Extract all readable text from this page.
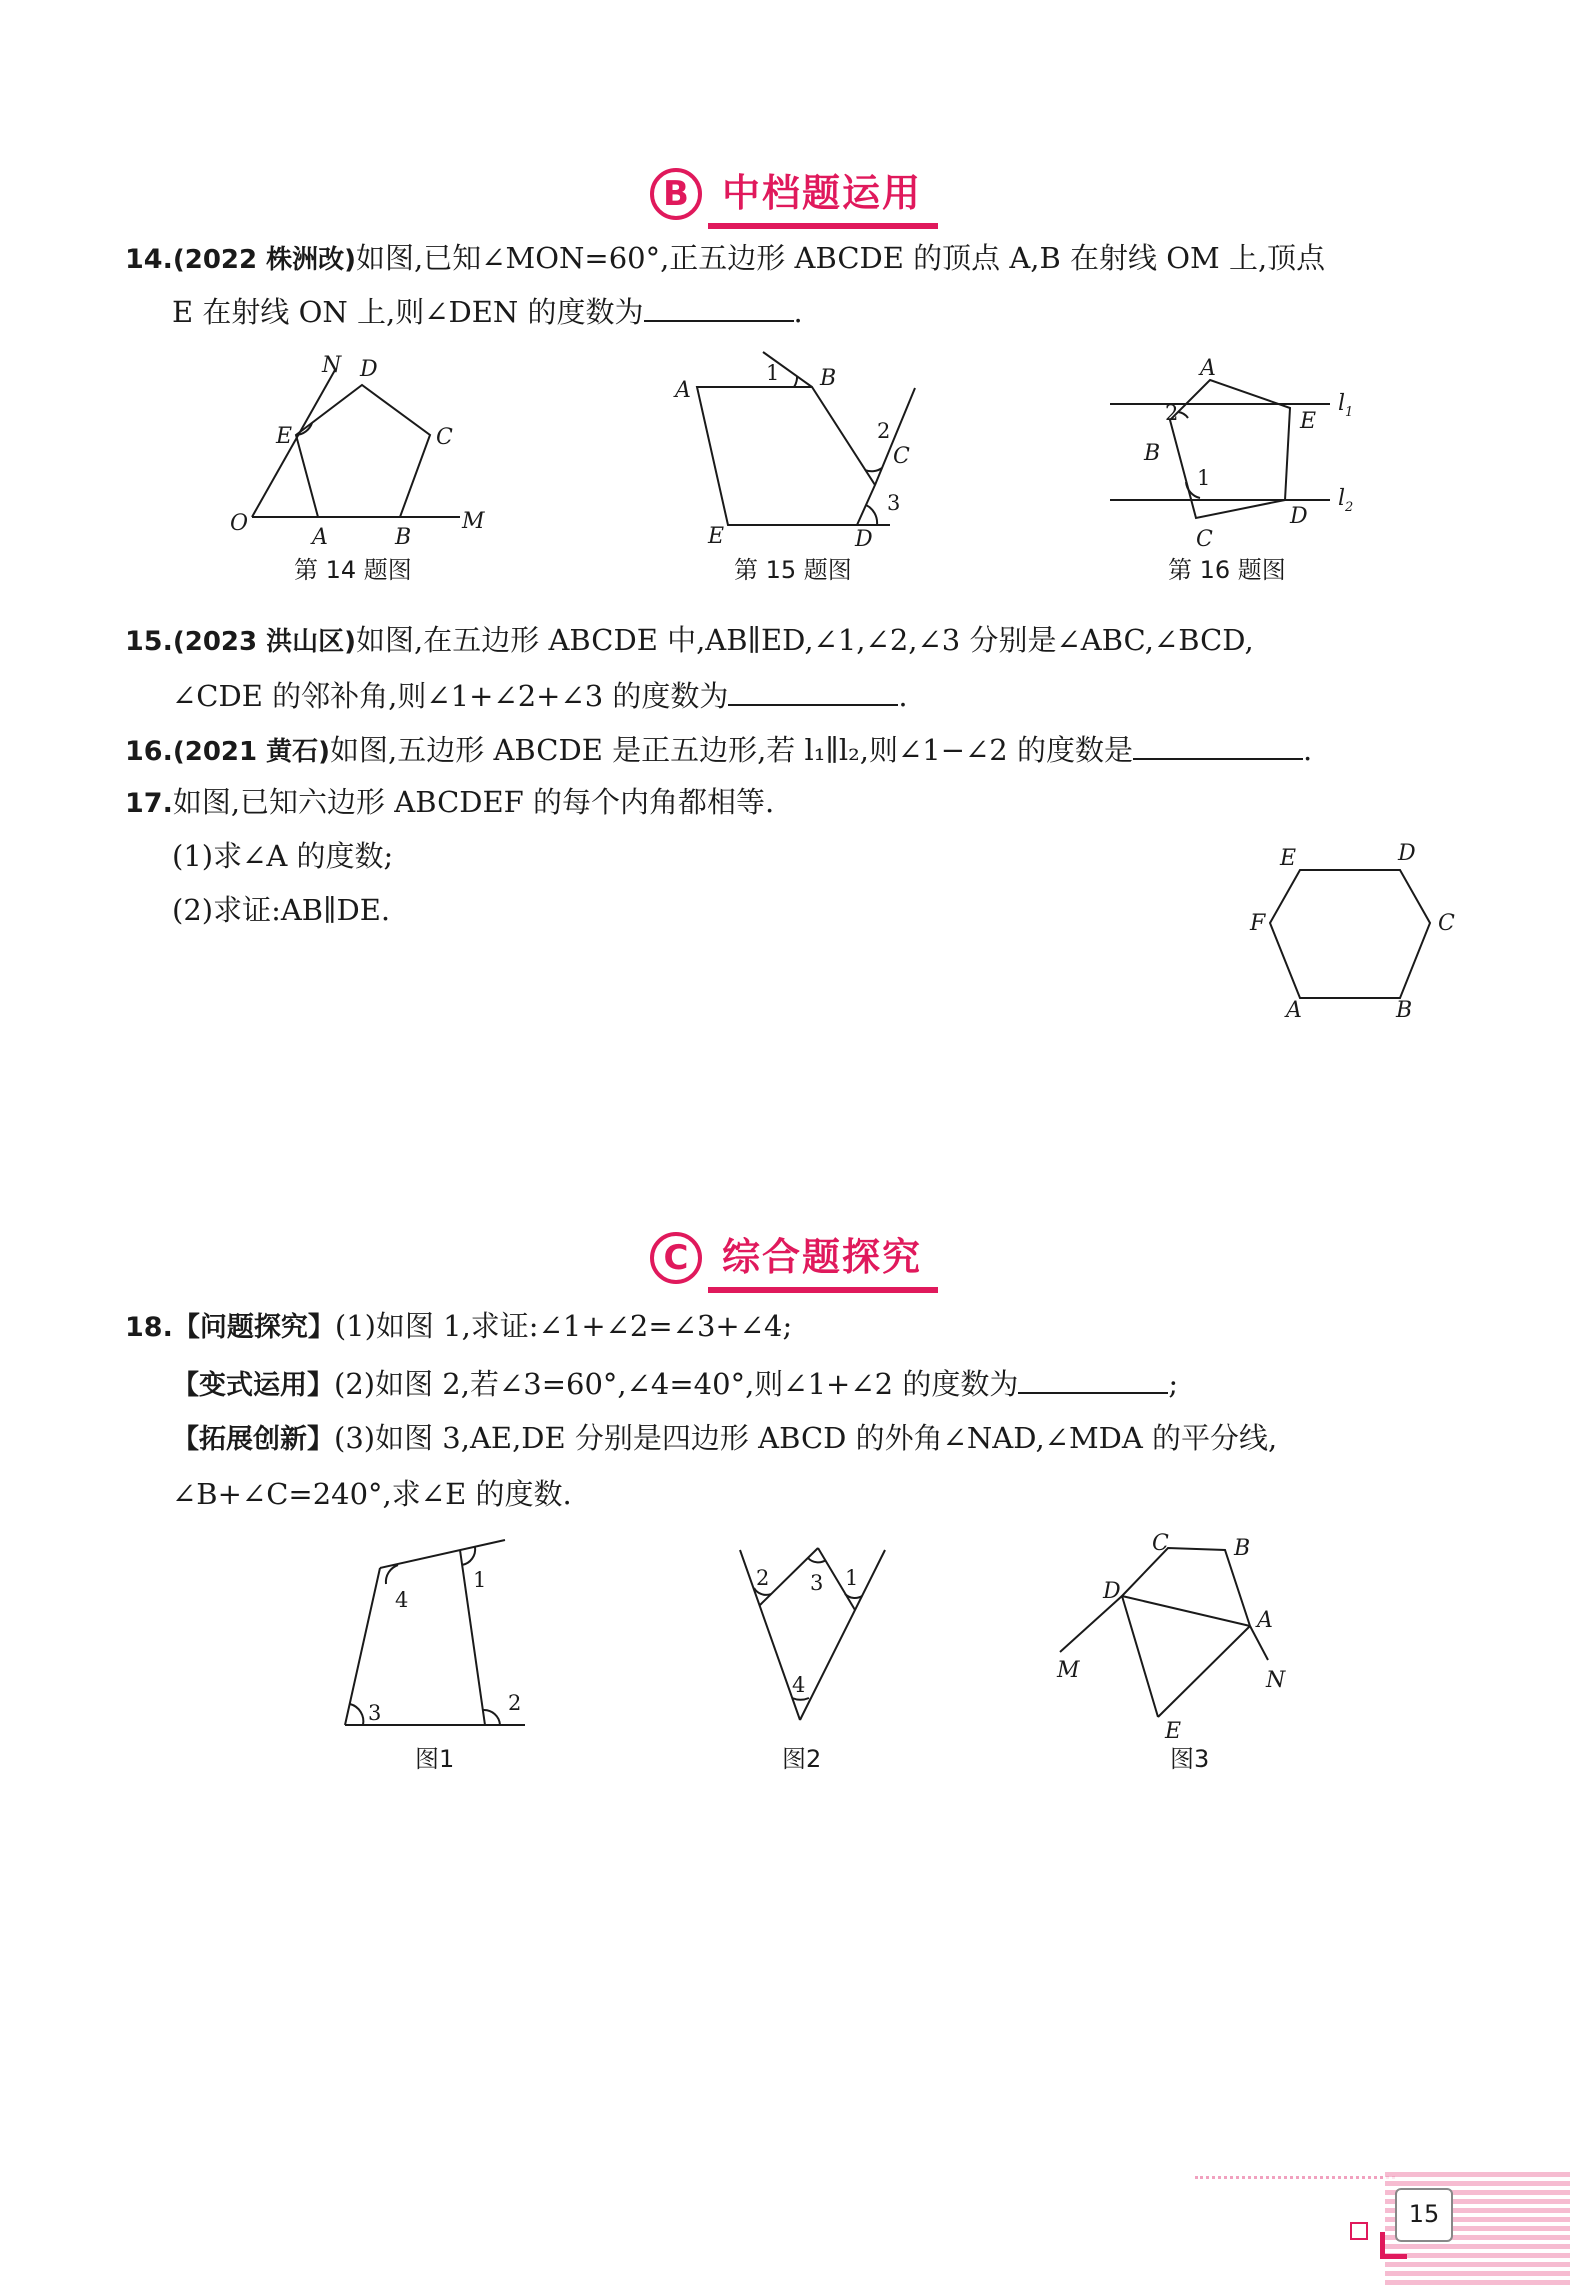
B 中档题运用
14.(2022 株洲改)如图,已知∠MON=60°,正五边形 ABCDE 的顶点 A,B 在射线 OM 上,顶点
E 在射线 ON 上,则∠DEN 的度数为	.
N D
E	C
O
A	B
M
第 14 题图
A	B
C
D
E
1
2
3
第 15 题图
A
E
B
D
C
2
1
$l_1$
$l_2$
第 16 题图
15.(2023 洪山区)如图,在五边形 ABCDE 中,AB∥ED,∠1,∠2,∠3 分别是∠ABC,∠BCD,
∠CDE 的邻补角,则∠1+∠2+∠3 的度数为	.
16.(2021 黄石)如图,五边形 ABCDE 是正五边形,若 l₁∥l₂,则∠1−∠2 的度数是	.
17.如图,已知六边形 ABCDEF 的每个内角都相等.
(1)求∠A 的度数;
(2)求证:AB∥DE.
E	D
F	C
A	B
C 综合题探究
18.【问题探究】(1)如图 1,求证:∠1+∠2=∠3+∠4;
【变式运用】(2)如图 2,若∠3=60°,∠4=40°,则∠1+∠2 的度数为	;
【拓展创新】(3)如图 3,AE,DE 分别是四边形 ABCD 的外角∠NAD,∠MDA 的平分线,
∠B+∠C=240°,求∠E 的度数.
3
4
1
2
图1
2 3 1
4
图2
C	B
D
A
M	N
E
图3
15
